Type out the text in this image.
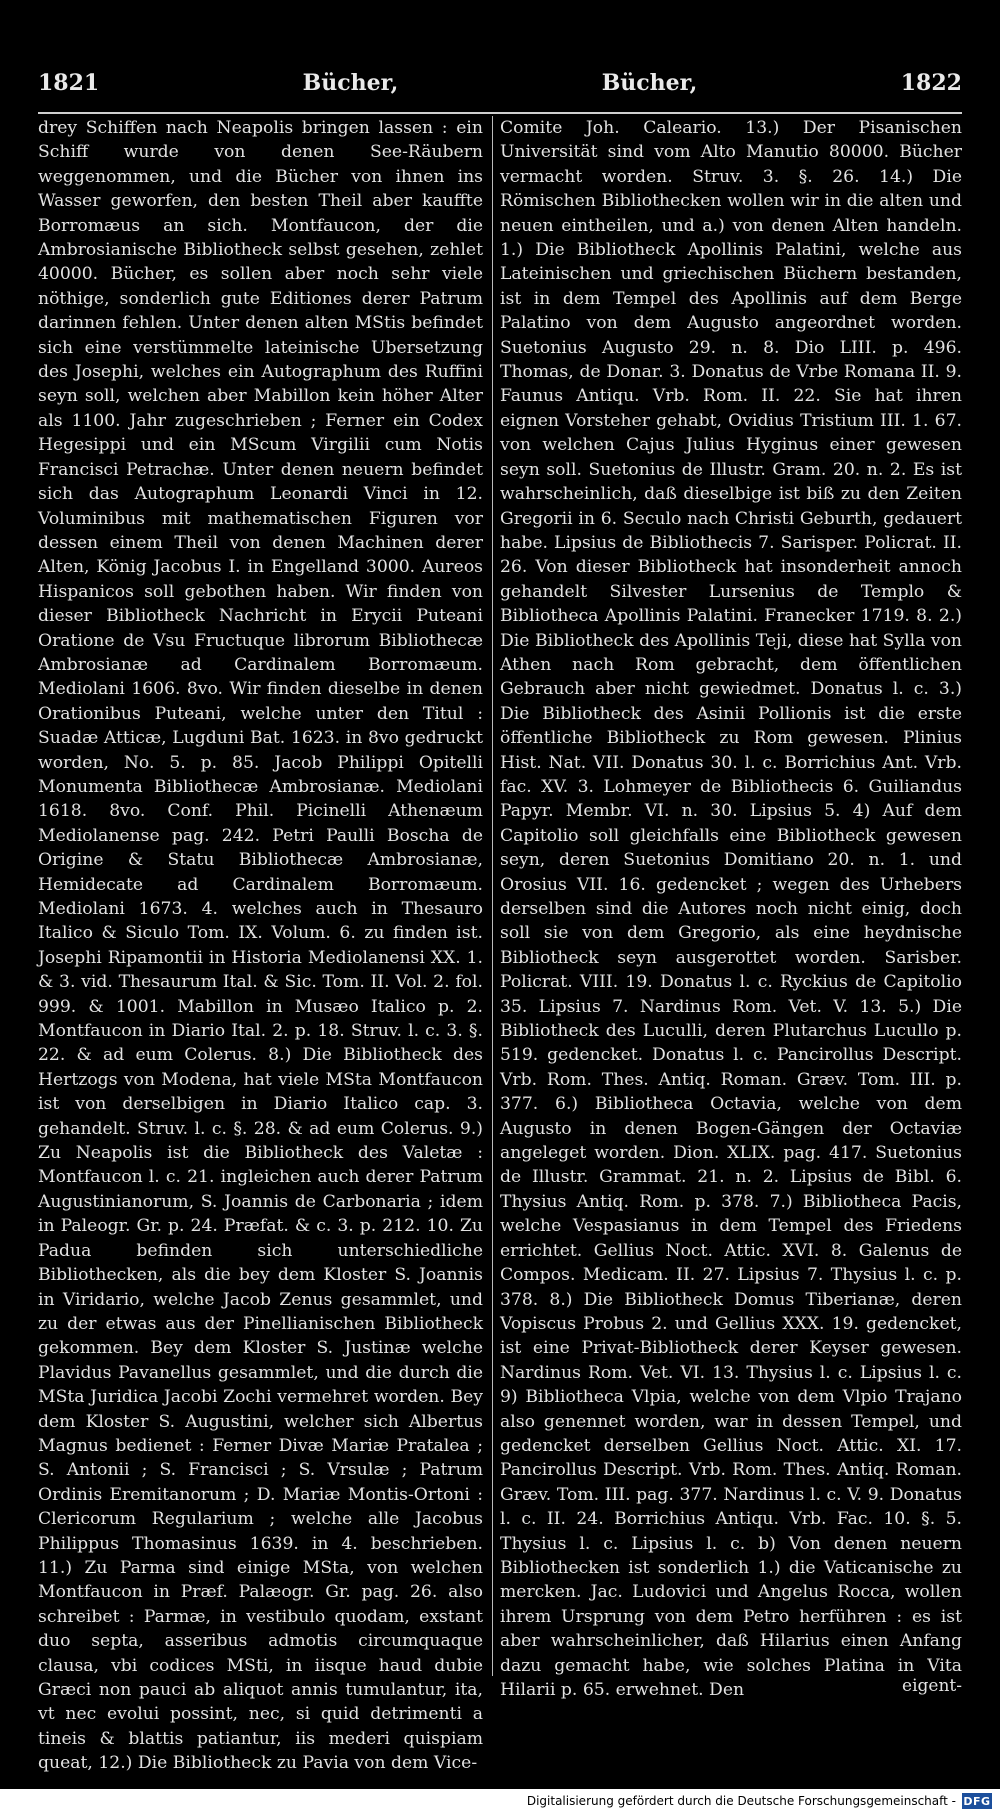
1821	Bücher,	Bücher,	1822

drey Schiffen nach Neapolis bringen lassen : ein Schiff wurde von denen See-Räubern weggenommen, und die Bücher von ihnen ins Wasser geworfen, den besten Theil aber kauffte Borromæus an sich. Montfaucon, der die Ambrosianische Bibliotheck selbst gesehen, zehlet 40000. Bücher, es sollen aber noch sehr viele nöthige, sonderlich gute Editiones derer Patrum darinnen fehlen. Unter denen alten MStis befindet sich eine verstümmelte lateinische Ubersetzung des Josephi, welches ein Autographum des Ruffini seyn soll, welchen aber Mabillon kein höher Alter als 1100. Jahr zugeschrieben ; Ferner ein Codex Hegesippi und ein MScum Virgilii cum Notis Francisci Petrachæ. Unter denen neuern befindet sich das Autographum Leonardi Vinci in 12. Voluminibus mit mathematischen Figuren vor dessen einem Theil von denen Machinen derer Alten, König Jacobus I. in Engelland 3000. Aureos Hispanicos soll gebothen haben. Wir finden von dieser Bibliotheck Nachricht in Erycii Puteani Oratione de Vsu Fructuque librorum Bibliothecæ Ambrosianæ ad Cardinalem Borromæum. Mediolani 1606. 8vo. Wir finden dieselbe in denen Orationibus Puteani, welche unter den Titul : Suadæ Atticæ, Lugduni Bat. 1623. in 8vo gedruckt worden, No. 5. p. 85. Jacob Philippi Opitelli Monumenta Bibliothecæ Ambrosianæ. Mediolani 1618. 8vo. Conf. Phil. Picinelli Athenæum Mediolanense pag. 242. Petri Paulli Boscha de Origine & Statu Bibliothecæ Ambrosianæ, Hemidecate ad Cardinalem Borromæum. Mediolani 1673. 4. welches auch in Thesauro Italico & Siculo Tom. IX. Volum. 6. zu finden ist. Josephi Ripamontii in Historia Mediolanensi XX. 1. & 3. vid. Thesaurum Ital. & Sic. Tom. II. Vol. 2. fol. 999. & 1001. Mabillon in Musæo Italico p. 2. Montfaucon in Diario Ital. 2. p. 18. Struv. l. c. 3. §. 22. & ad eum Colerus. 8.) Die Bibliotheck des Hertzogs von Modena, hat viele MSta Montfaucon ist von derselbigen in Diario Italico cap. 3. gehandelt. Struv. l. c. §. 28. & ad eum Colerus. 9.) Zu Neapolis ist die Bibliotheck des Valetæ : Montfaucon l. c. 21. ingleichen auch derer Patrum Augustinianorum, S. Joannis de Carbonaria ; idem in Paleogr. Gr. p. 24. Præfat. & c. 3. p. 212. 10. Zu Padua befinden sich unterschiedliche Bibliothecken, als die bey dem Kloster S. Joannis in Viridario, welche Jacob Zenus gesammlet, und zu der etwas aus der Pinellianischen Bibliotheck gekommen. Bey dem Kloster S. Justinæ welche Plavidus Pavanellus gesammlet, und die durch die MSta Juridica Jacobi Zochi vermehret worden. Bey dem Kloster S. Augustini, welcher sich Albertus Magnus bedienet : Ferner Divæ Mariæ Pratalea ; S. Antonii ; S. Francisci ; S. Vrsulæ ; Patrum Ordinis Eremitanorum ; D. Mariæ Montis-Ortoni : Clericorum Regularium ; welche alle Jacobus Philippus Thomasinus 1639. in 4. beschrieben. 11.) Zu Parma sind einige MSta, von welchen Montfaucon in Præf. Palæogr. Gr. pag. 26. also schreibet : Parmæ, in vestibulo quodam, exstant duo septa, asseribus admotis circumquaque clausa, vbi codices MSti, in iisque haud dubie Græci non pauci ab aliquot annis tumulantur, ita, vt nec evolui possint, nec, si quid detrimenti a tineis & blattis patiantur, iis mederi quispiam queat, 12.) Die Bibliotheck zu Pavia von dem Vice-

Comite Joh. Caleario. 13.) Der Pisanischen Universität sind vom Alto Manutio 80000. Bücher vermacht worden. Struv. 3. §. 26. 14.) Die Römischen Bibliothecken wollen wir in die alten und neuen eintheilen, und a.) von denen Alten handeln. 1.) Die Bibliotheck Apollinis Palatini, welche aus Lateinischen und griechischen Büchern bestanden, ist in dem Tempel des Apollinis auf dem Berge Palatino von dem Augusto angeordnet worden. Suetonius Augusto 29. n. 8. Dio LIII. p. 496. Thomas, de Donar. 3. Donatus de Vrbe Romana II. 9. Faunus Antiqu. Vrb. Rom. II. 22. Sie hat ihren eignen Vorsteher gehabt, Ovidius Tristium III. 1. 67. von welchen Cajus Julius Hyginus einer gewesen seyn soll. Suetonius de Illustr. Gram. 20. n. 2. Es ist wahrscheinlich, daß dieselbige ist biß zu den Zeiten Gregorii in 6. Seculo nach Christi Geburth, gedauert habe. Lipsius de Bibliothecis 7. Sarisper. Policrat. II. 26. Von dieser Bibliotheck hat insonderheit annoch gehandelt Silvester Lursenius de Templo & Bibliotheca Apollinis Palatini. Franecker 1719. 8. 2.) Die Bibliotheck des Apollinis Teji, diese hat Sylla von Athen nach Rom gebracht, dem öffentlichen Gebrauch aber nicht gewiedmet. Donatus l. c. 3.) Die Bibliotheck des Asinii Pollionis ist die erste öffentliche Bibliotheck zu Rom gewesen. Plinius Hist. Nat. VII. Donatus 30. l. c. Borrichius Ant. Vrb. fac. XV. 3. Lohmeyer de Bibliothecis 6. Guiliandus Papyr. Membr. VI. n. 30. Lipsius 5. 4) Auf dem Capitolio soll gleichfalls eine Bibliotheck gewesen seyn, deren Suetonius Domitiano 20. n. 1. und Orosius VII. 16. gedencket ; wegen des Urhebers derselben sind die Autores noch nicht einig, doch soll sie von dem Gregorio, als eine heydnische Bibliotheck seyn ausgerottet worden. Sarisber. Policrat. VIII. 19. Donatus l. c. Ryckius de Capitolio 35. Lipsius 7. Nardinus Rom. Vet. V. 13. 5.) Die Bibliotheck des Luculli, deren Plutarchus Lucullo p. 519. gedencket. Donatus l. c. Pancirollus Descript. Vrb. Rom. Thes. Antiq. Roman. Græv. Tom. III. p. 377. 6.) Bibliotheca Octavia, welche von dem Augusto in denen Bogen-Gängen der Octaviæ angeleget worden. Dion. XLIX. pag. 417. Suetonius de Illustr. Grammat. 21. n. 2. Lipsius de Bibl. 6. Thysius Antiq. Rom. p. 378. 7.) Bibliotheca Pacis, welche Vespasianus in dem Tempel des Friedens errichtet. Gellius Noct. Attic. XVI. 8. Galenus de Compos. Medicam. II. 27. Lipsius 7. Thysius l. c. p. 378. 8.) Die Bibliotheck Domus Tiberianæ, deren Vopiscus Probus 2. und Gellius XXX. 19. gedencket, ist eine Privat-Bibliotheck derer Keyser gewesen. Nardinus Rom. Vet. VI. 13. Thysius l. c. Lipsius l. c. 9) Bibliotheca Vlpia, welche von dem Vlpio Trajano also genennet worden, war in dessen Tempel, und gedencket derselben Gellius Noct. Attic. XI. 17. Pancirollus Descript. Vrb. Rom. Thes. Antiq. Roman. Græv. Tom. III. pag. 377. Nardinus l. c. V. 9. Donatus l. c. II. 24. Borrichius Antiqu. Vrb. Fac. 10. §. 5. Thysius l. c. Lipsius l. c. b) Von denen neuern Bibliothecken ist sonderlich 1.) die Vaticanische zu mercken. Jac. Ludovici und Angelus Rocca, wollen ihrem Ursprung von dem Petro herführen : es ist aber wahrscheinlicher, daß Hilarius einen Anfang dazu gemacht habe, wie solches Platina in Vita Hilarii p. 65. erwehnet. Den	eigent-
Digitalisierung gefördert durch die Deutsche Forschungsgemeinschaft - DFG
